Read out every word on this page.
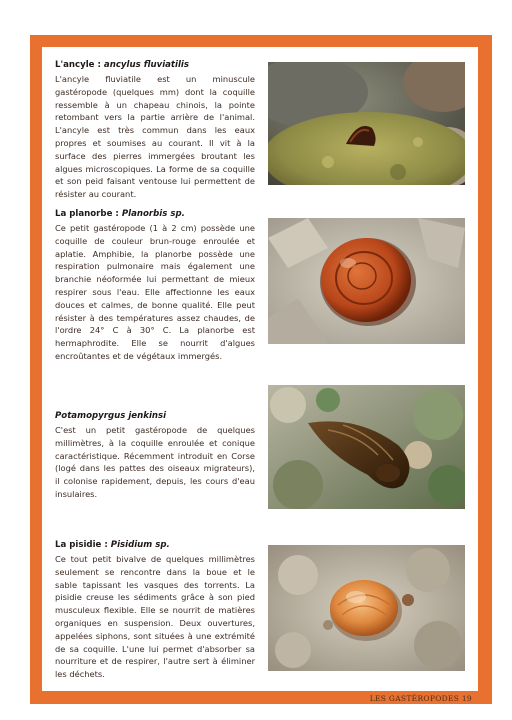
L'ancyle : ancylus fluviatilis

L'ancyle fluviatile est un minuscule gastéropode (quelques mm) dont la coquille ressemble à un chapeau chinois, la pointe retombant vers la partie arrière de l'animal. L'ancyle est très commun dans les eaux propres et soumises au courant. Il vit à la surface des pierres immergées broutant les algues microscopiques. La forme de sa coquille et son peid faisant ventouse lui permettent de résister au courant.

La planorbe : Planorbis sp.

Ce petit gastéropode (1 à 2 cm) possède une coquille de couleur brun-rouge enroulée et aplatie. Amphibie, la planorbe possède une respiration pulmonaire mais également une branchie néoformée lui permettant de mieux respirer sous l'eau. Elle affectionne les eaux douces et calmes, de bonne qualité. Elle peut résister à des températures assez chaudes, de l'ordre 24° C à 30° C. La planorbe est hermaphrodite. Elle se nourrit d'algues encroûtantes et de végétaux immergés.

Potamopyrgus jenkinsi

C'est un petit gastéropode de quelques millimètres, à la coquille enroulée et conique caractéristique. Récemment introduit en Corse (logé dans les pattes des oiseaux migrateurs), il colonise rapidement, depuis, les cours d'eau insulaires.

La pisidie : Pisidium sp.

Ce tout petit bivalve de quelques millimètres seulement se rencontre dans la boue et le sable tapissant les vasques des torrents. La pisidie creuse les sédiments grâce à son pied musculeux flexible. Elle se nourrit de matières organiques en suspension. Deux ouvertures, appelées siphons, sont situées à une extrémité de sa coquille. L'une lui permet d'absorber sa nourriture et de respirer, l'autre sert à éliminer les déchets.

LES GASTÉROPODES 19
